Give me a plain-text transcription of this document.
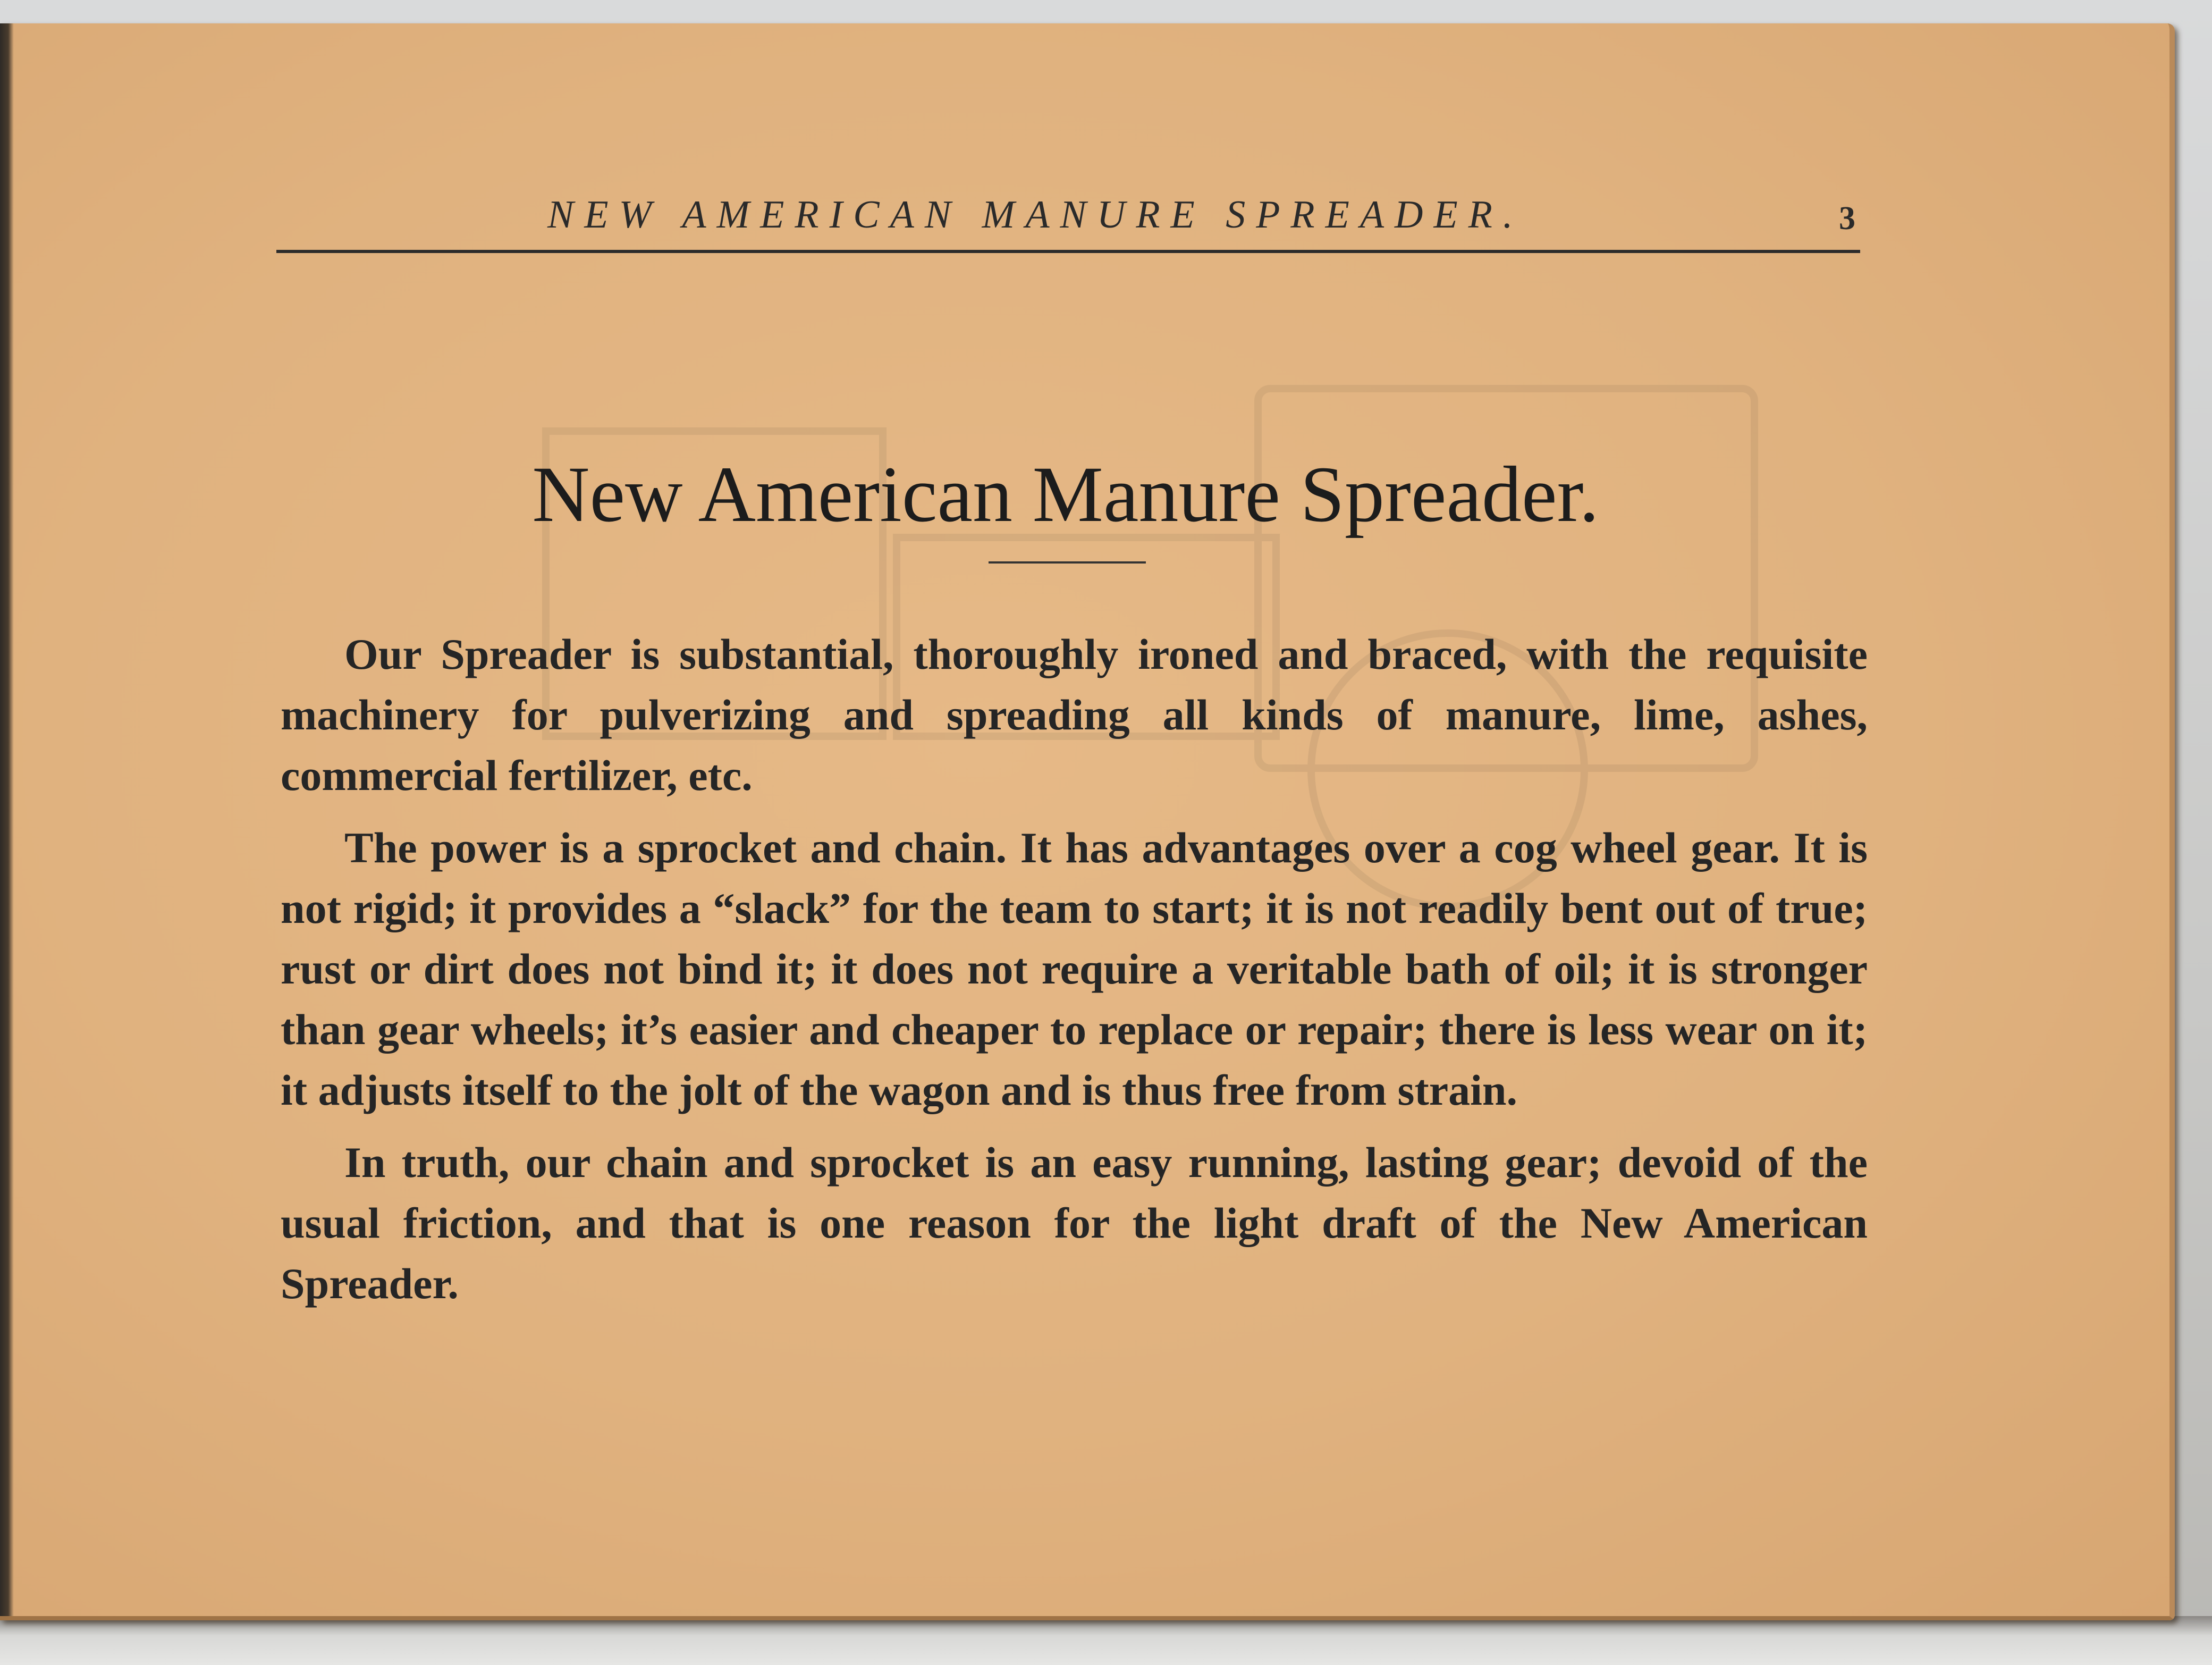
NEW AMERICAN MANURE SPREADER.	3
New American Manure Spreader.

Our Spreader is substantial, thoroughly ironed and braced, with the requisite machinery for pulverizing and spreading all kinds of manure, lime, ashes, commercial fertilizer, etc.

The power is a sprocket and chain. It has advantages over a cog wheel gear. It is not rigid; it provides a “slack” for the team to start; it is not readily bent out of true; rust or dirt does not bind it; it does not require a veritable bath of oil; it is stronger than gear wheels; it’s easier and cheaper to replace or repair; there is less wear on it; it adjusts itself to the jolt of the wagon and is thus free from strain.

In truth, our chain and sprocket is an easy running, lasting gear; devoid of the usual friction, and that is one reason for the light draft of the New American Spreader.
